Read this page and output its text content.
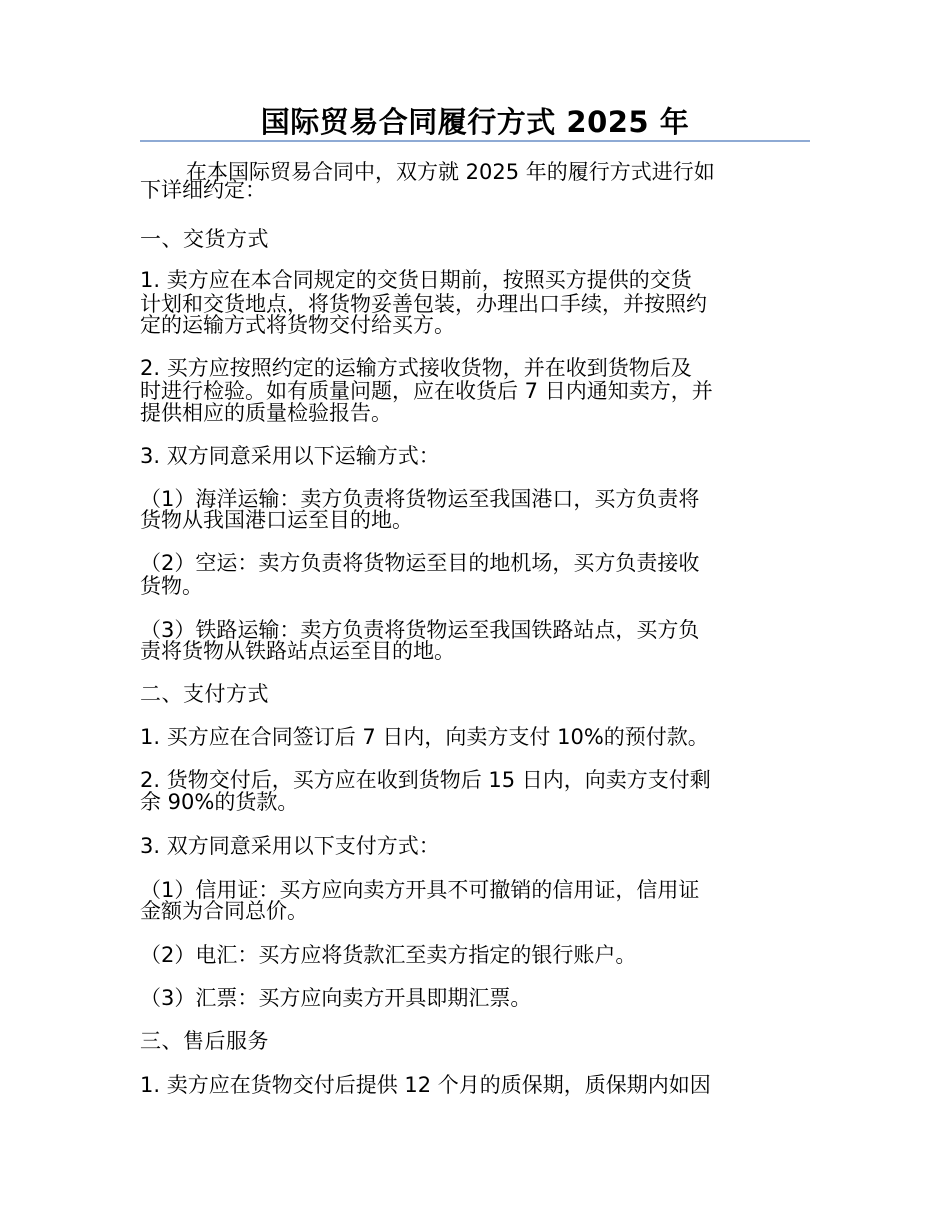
国际贸易合同履行方式 2025 年
在本国际贸易合同中，双方就 2025 年的履行方式进行如
下详细约定：
一、交货方式
1. 卖方应在本合同规定的交货日期前，按照买方提供的交货
计划和交货地点，将货物妥善包装，办理出口手续，并按照约
定的运输方式将货物交付给买方。
2. 买方应按照约定的运输方式接收货物，并在收到货物后及
时进行检验。如有质量问题，应在收货后 7 日内通知卖方，并
提供相应的质量检验报告。
3. 双方同意采用以下运输方式：
（1）海洋运输：卖方负责将货物运至我国港口，买方负责将
货物从我国港口运至目的地。
（2）空运：卖方负责将货物运至目的地机场，买方负责接收
货物。
（3）铁路运输：卖方负责将货物运至我国铁路站点，买方负
责将货物从铁路站点运至目的地。
二、支付方式
1. 买方应在合同签订后 7 日内，向卖方支付 10%的预付款。
2. 货物交付后，买方应在收到货物后 15 日内，向卖方支付剩
余 90%的货款。
3. 双方同意采用以下支付方式：
（1）信用证：买方应向卖方开具不可撤销的信用证，信用证
金额为合同总价。
（2）电汇：买方应将货款汇至卖方指定的银行账户。
（3）汇票：买方应向卖方开具即期汇票。
三、售后服务
1. 卖方应在货物交付后提供 12 个月的质保期，质保期内如因
